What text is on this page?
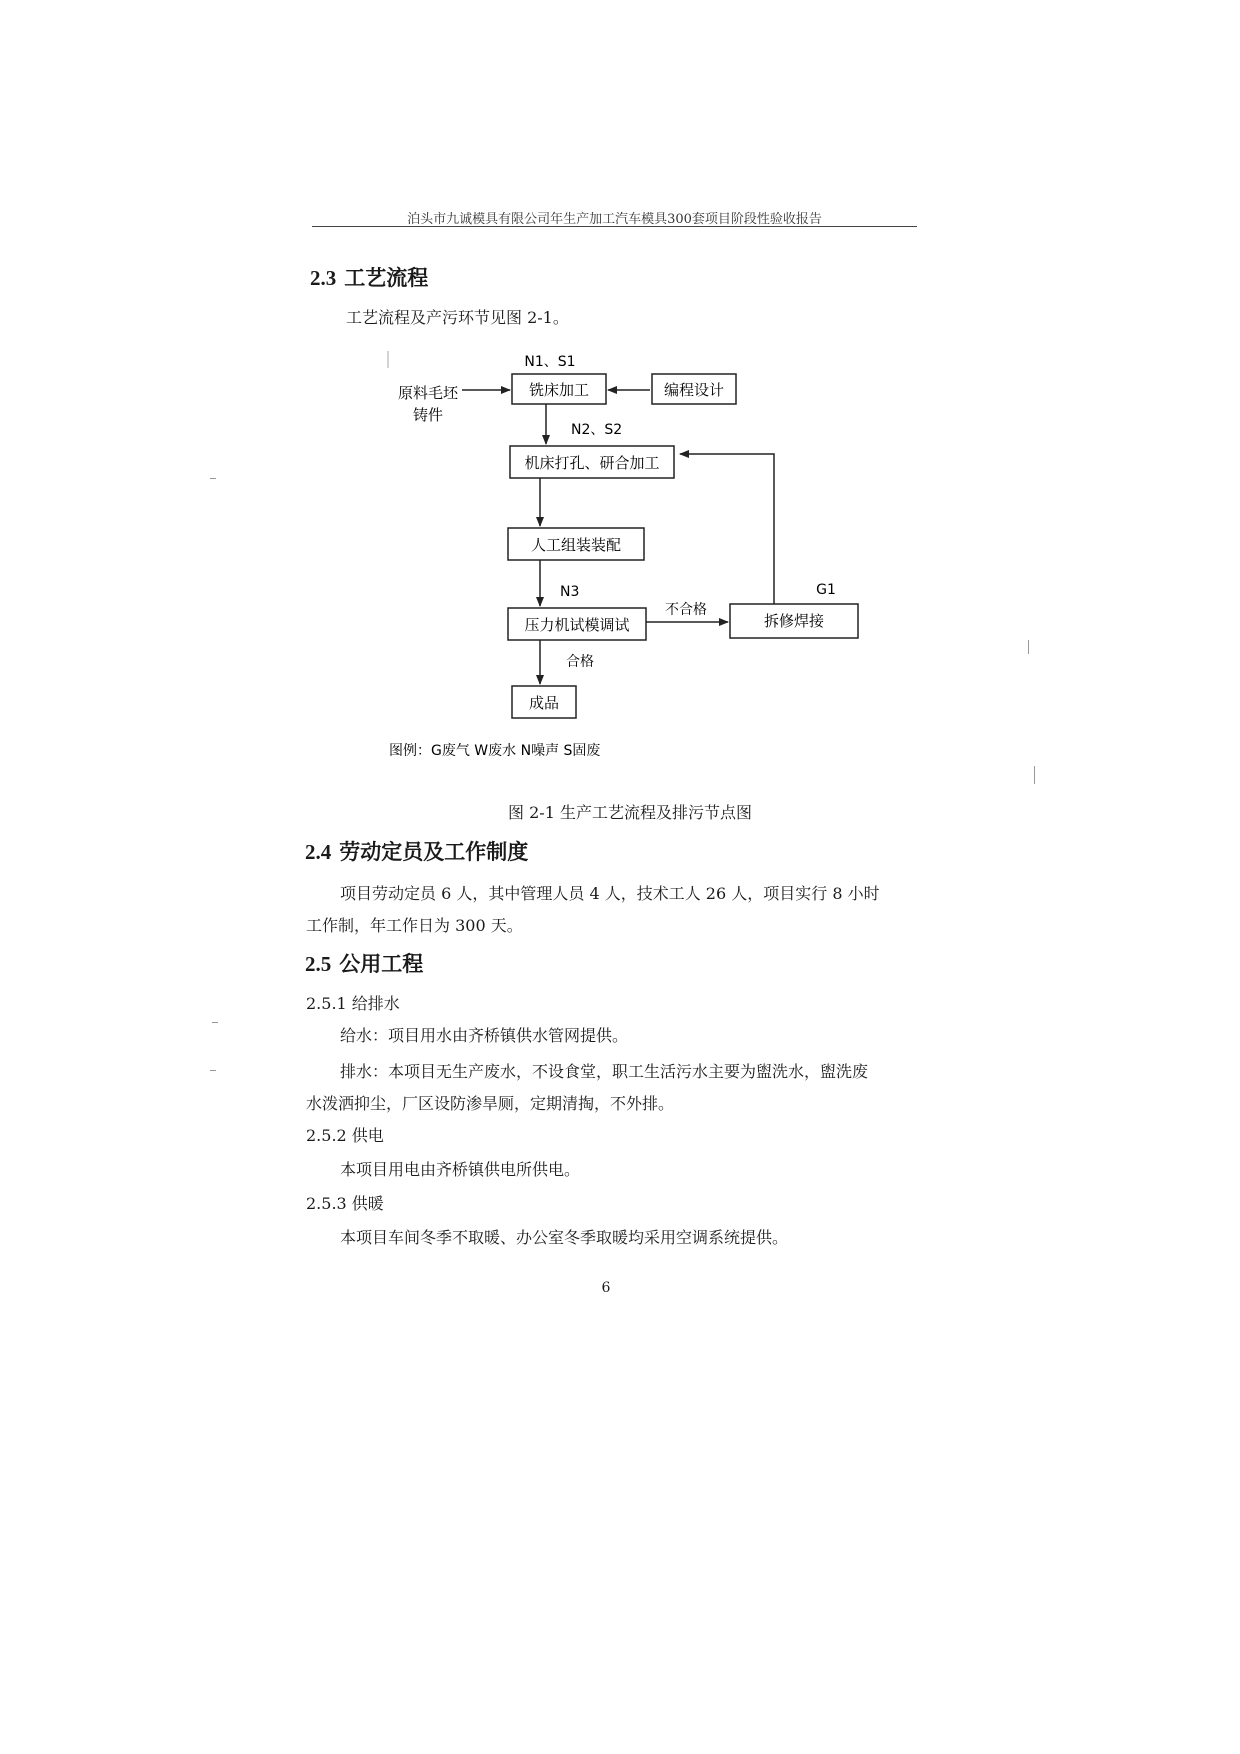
泊头市九诚模具有限公司年生产加工汽车模具300套项目阶段性验收报告
2.3 工艺流程
工艺流程及产污环节见图 2-1。
原料毛坯
铸件
N1、S1
铣床加工	编程设计
N2、S2
机床打孔、研合加工
人工组装装配
N3
压力机试模调试
不合格
G1
拆修焊接
合格
成品
图例：G废气 W废水 N噪声 S固废
图 2-1 生产工艺流程及排污节点图
2.4 劳动定员及工作制度
项目劳动定员 6 人，其中管理人员 4 人，技术工人 26 人，项目实行 8 小时
工作制，年工作日为 300 天。
2.5 公用工程
2.5.1 给排水
给水：项目用水由齐桥镇供水管网提供。
排水：本项目无生产废水，不设食堂，职工生活污水主要为盥洗水，盥洗废
水泼洒抑尘，厂区设防渗旱厕，定期清掏，不外排。
2.5.2 供电
本项目用电由齐桥镇供电所供电。
2.5.3 供暖
本项目车间冬季不取暖、办公室冬季取暖均采用空调系统提供。
6
